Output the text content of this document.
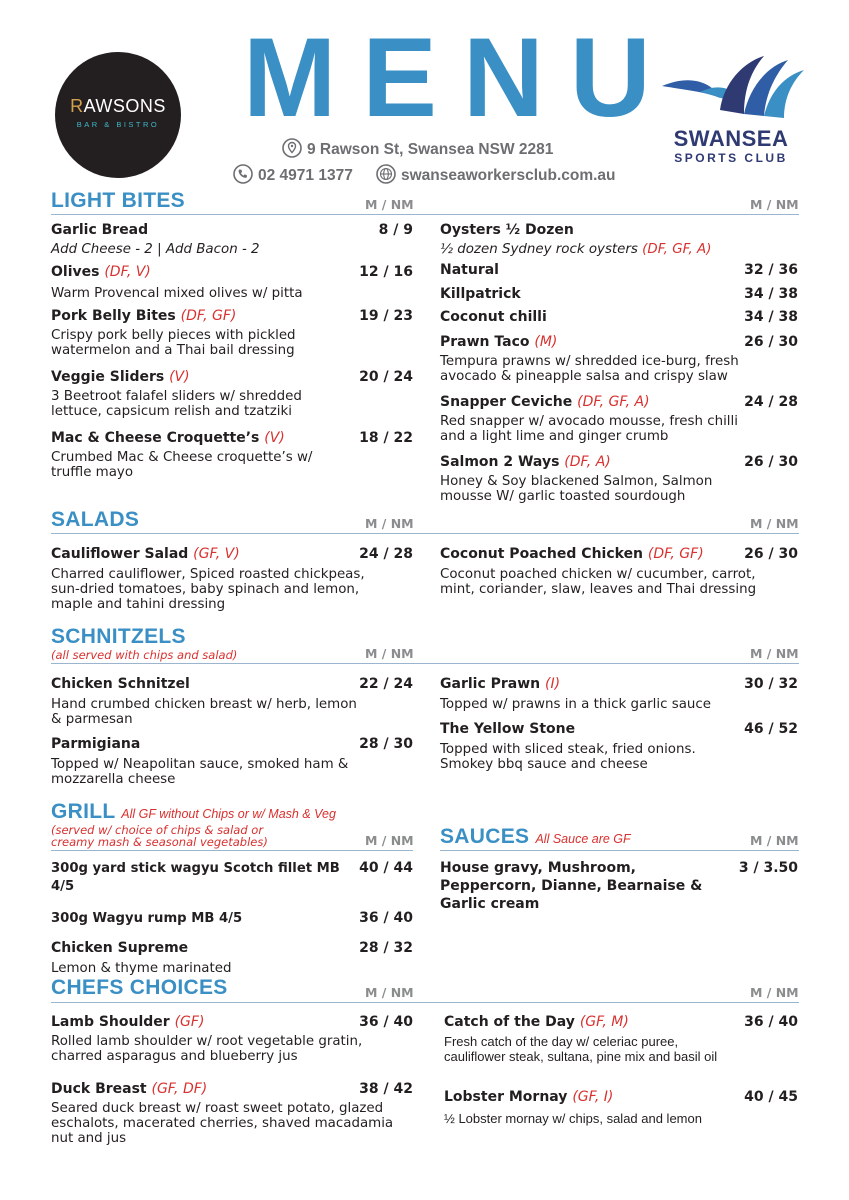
RAWSONS
BAR & BISTRO MENU
9 Rawson St, Swansea NSW 2281
02 4971 1377	swanseaworkersclub.com.au
SWANSEA
SPORTS CLUB
LIGHT BITES	M / NM	M / NM
Garlic Bread	8 / 9
Add Cheese - 2 | Add Bacon - 2
Olives (DF, V)	12 / 16
Warm Provencal mixed olives w/ pitta
Pork Belly Bites (DF, GF)	19 / 23
Crispy pork belly pieces with pickled watermelon and a Thai bail dressing
Veggie Sliders (V)	20 / 24
3 Beetroot falafel sliders w/ shredded lettuce, capsicum relish and tzatziki
Mac & Cheese Croquette’s (V)	18 / 22
Crumbed Mac & Cheese croquette’s w/ truffle mayo
Oysters ½ Dozen
½ dozen Sydney rock oysters (DF, GF, A)
Natural	32 / 36
Killpatrick	34 / 38
Coconut chilli	34 / 38
Prawn Taco (M)	26 / 30
Tempura prawns w/ shredded ice-burg, fresh avocado & pineapple salsa and crispy slaw
Snapper Ceviche (DF, GF, A)	24 / 28
Red snapper w/ avocado mousse, fresh chilli and a light lime and ginger crumb
Salmon 2 Ways (DF, A)	26 / 30
Honey & Soy blackened Salmon, Salmon mousse W/ garlic toasted sourdough
SALADS	M / NM	M / NM
Cauliflower Salad (GF, V)	24 / 28
Charred cauliflower, Spiced roasted chickpeas, sun-dried tomatoes, baby spinach and lemon, maple and tahini dressing
Coconut Poached Chicken (DF, GF)	26 / 30
Coconut poached chicken w/ cucumber, carrot, mint, coriander, slaw, leaves and Thai dressing
SCHNITZELS
(all served with chips and salad)	M / NM	M / NM
Chicken Schnitzel	22 / 24
Hand crumbed chicken breast w/ herb, lemon & parmesan
Parmigiana	28 / 30
Topped w/ Neapolitan sauce, smoked ham & mozzarella cheese
Garlic Prawn (I)	30 / 32
Topped w/ prawns in a thick garlic sauce
The Yellow Stone	46 / 52
Topped with sliced steak, fried onions. Smokey bbq sauce and cheese
GRILL All GF without Chips or w/ Mash & Veg
(served w/ choice of chips & salad or creamy mash & seasonal vegetables)	M / NM
300g yard stick wagyu Scotch fillet MB 4/5
40 / 44
300g Wagyu rump MB 4/5	36 / 40
Chicken Supreme	28 / 32
Lemon & thyme marinated
SAUCES All Sauce are GF	M / NM
House gravy, Mushroom, Peppercorn, Dianne, Bearnaise & Garlic cream
3 / 3.50
CHEFS CHOICES	M / NM	M / NM
Lamb Shoulder (GF)	36 / 40
Rolled lamb shoulder w/ root vegetable gratin, charred asparagus and blueberry jus
Duck Breast (GF, DF)	38 / 42
Seared duck breast w/ roast sweet potato, glazed eschalots, macerated cherries, shaved macadamia nut and jus
Catch of the Day (GF, M)	36 / 40
Fresh catch of the day w/ celeriac puree, cauliflower steak, sultana, pine mix and basil oil
Lobster Mornay (GF, I)	40 / 45
½ Lobster mornay w/ chips, salad and lemon
